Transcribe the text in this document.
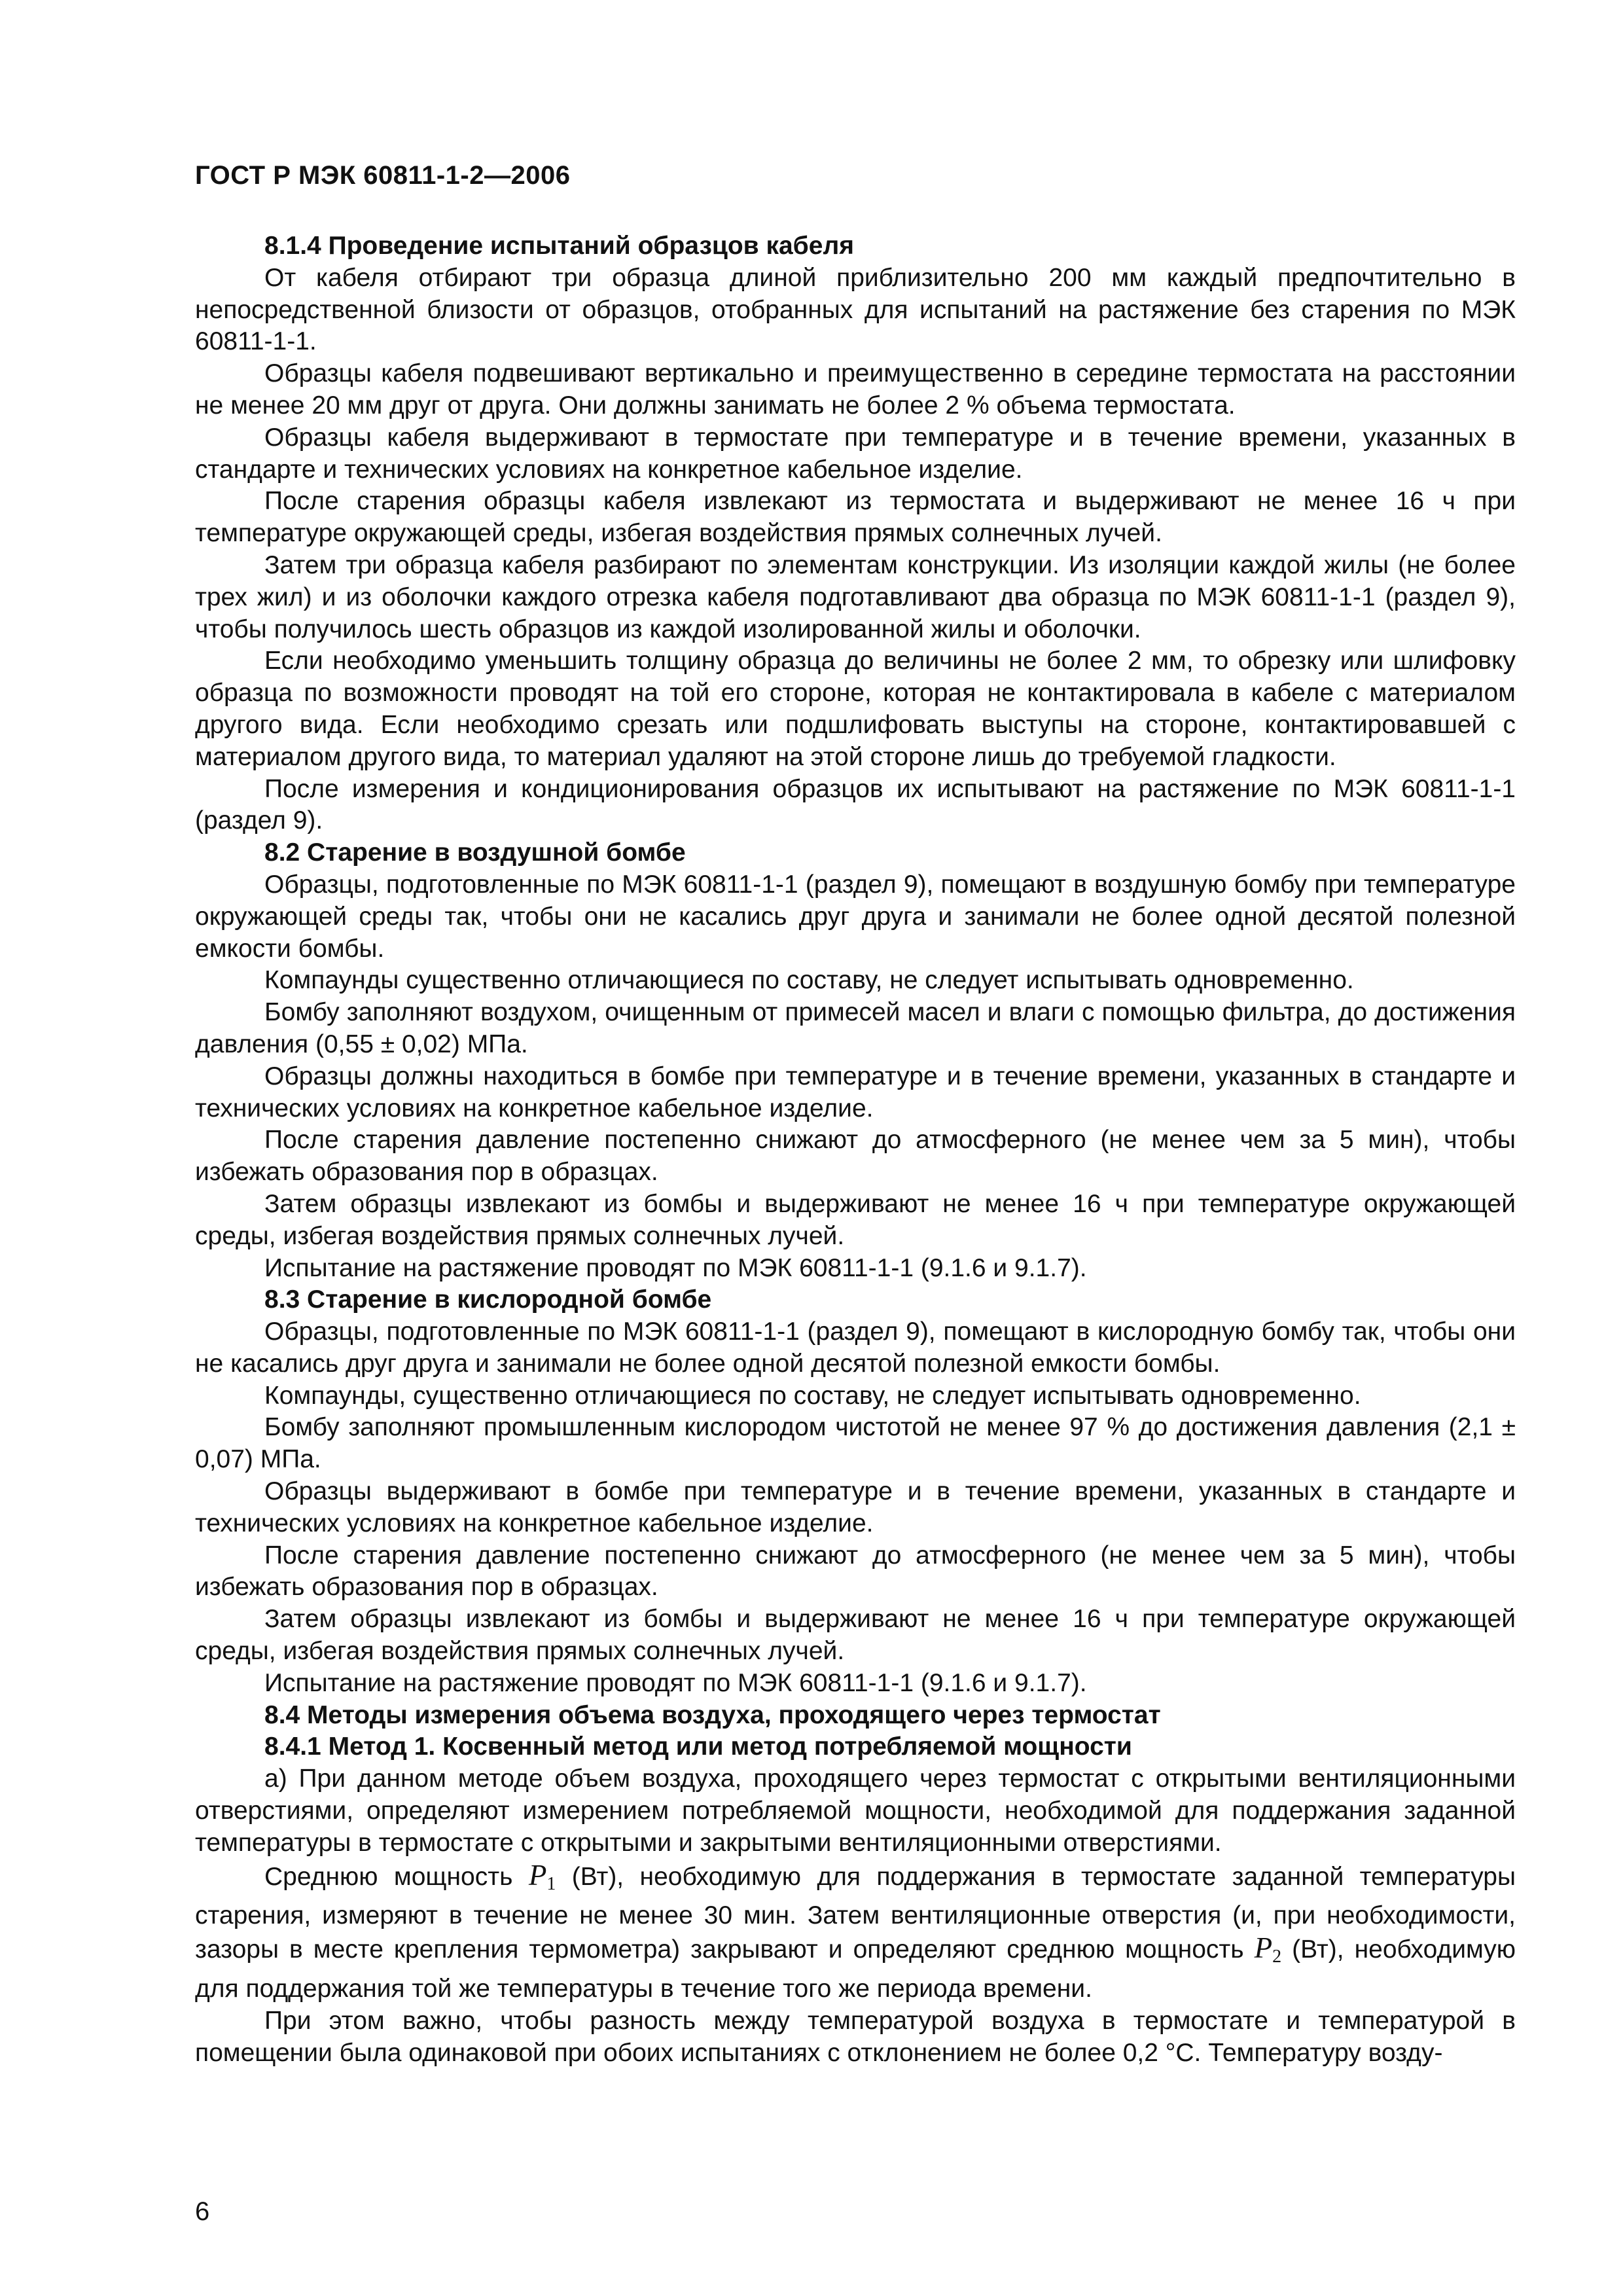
ГОСТ Р МЭК 60811-1-2—2006
8.1.4 Проведение испытаний образцов кабеля

От кабеля отбирают три образца длиной приблизительно 200 мм каждый предпочтительно в непосредственной близости от образцов, отобранных для испытаний на растяжение без старения по МЭК 60811-1-1.

Образцы кабеля подвешивают вертикально и преимущественно в середине термостата на расстоянии не менее 20 мм друг от друга. Они должны занимать не более 2 % объема термостата.

Образцы кабеля выдерживают в термостате при температуре и в течение времени, указанных в стандарте и технических условиях на конкретное кабельное изделие.

После старения образцы кабеля извлекают из термостата и выдерживают не менее 16 ч при температуре окружающей среды, избегая воздействия прямых солнечных лучей.

Затем три образца кабеля разбирают по элементам конструкции. Из изоляции каждой жилы (не более трех жил) и из оболочки каждого отрезка кабеля подготавливают два образца по МЭК 60811-1-1 (раздел 9), чтобы получилось шесть образцов из каждой изолированной жилы и оболочки.

Если необходимо уменьшить толщину образца до величины не более 2 мм, то обрезку или шлифовку образца по возможности проводят на той его стороне, которая не контактировала в кабеле с материалом другого вида. Если необходимо срезать или подшлифовать выступы на стороне, контактировавшей с материалом другого вида, то материал удаляют на этой стороне лишь до требуемой гладкости.

После измерения и кондиционирования образцов их испытывают на растяжение по МЭК 60811-1-1 (раздел 9).

8.2 Старение в воздушной бомбе

Образцы, подготовленные по МЭК 60811-1-1 (раздел 9), помещают в воздушную бомбу при температуре окружающей среды так, чтобы они не касались друг друга и занимали не более одной десятой полезной емкости бомбы.

Компаунды существенно отличающиеся по составу, не следует испытывать одновременно.

Бомбу заполняют воздухом, очищенным от примесей масел и влаги с помощью фильтра, до достижения давления (0,55 ± 0,02) МПа.

Образцы должны находиться в бомбе при температуре и в течение времени, указанных в стандарте и технических условиях на конкретное кабельное изделие.

После старения давление постепенно снижают до атмосферного (не менее чем за 5 мин), чтобы избежать образования пор в образцах.

Затем образцы извлекают из бомбы и выдерживают не менее 16 ч при температуре окружающей среды, избегая воздействия прямых солнечных лучей.

Испытание на растяжение проводят по МЭК 60811-1-1 (9.1.6 и 9.1.7).

8.3 Старение в кислородной бомбе

Образцы, подготовленные по МЭК 60811-1-1 (раздел 9), помещают в кислородную бомбу так, чтобы они не касались друг друга и занимали не более одной десятой полезной емкости бомбы.

Компаунды, существенно отличающиеся по составу, не следует испытывать одновременно.

Бомбу заполняют промышленным кислородом чистотой не менее 97 % до достижения давления (2,1 ± 0,07) МПа.

Образцы выдерживают в бомбе при температуре и в течение времени, указанных в стандарте и технических условиях на конкретное кабельное изделие.

После старения давление постепенно снижают до атмосферного (не менее чем за 5 мин), чтобы избежать образования пор в образцах.

Затем образцы извлекают из бомбы и выдерживают не менее 16 ч при температуре окружающей среды, избегая воздействия прямых солнечных лучей.

Испытание на растяжение проводят по МЭК 60811-1-1 (9.1.6 и 9.1.7).

8.4 Методы измерения объема воздуха, проходящего через термостат
8.4.1 Метод 1. Косвенный метод или метод потребляемой мощности

а) При данном методе объем воздуха, проходящего через термостат с открытыми вентиляционными отверстиями, определяют измерением потребляемой мощности, необходимой для поддержания заданной температуры в термостате с открытыми и закрытыми вентиляционными отверстиями.

Среднюю мощность $P_1$ (Вт), необходимую для поддержания в термостате заданной температуры старения, измеряют в течение не менее 30 мин. Затем вентиляционные отверстия (и, при необходимости, зазоры в месте крепления термометра) закрывают и определяют среднюю мощность $P_2$ (Вт), необходимую для поддержания той же температуры в течение того же периода времени.

При этом важно, чтобы разность между температурой воздуха в термостате и температурой в помещении была одинаковой при обоих испытаниях с отклонением не более 0,2 °С. Температуру возду-

6
